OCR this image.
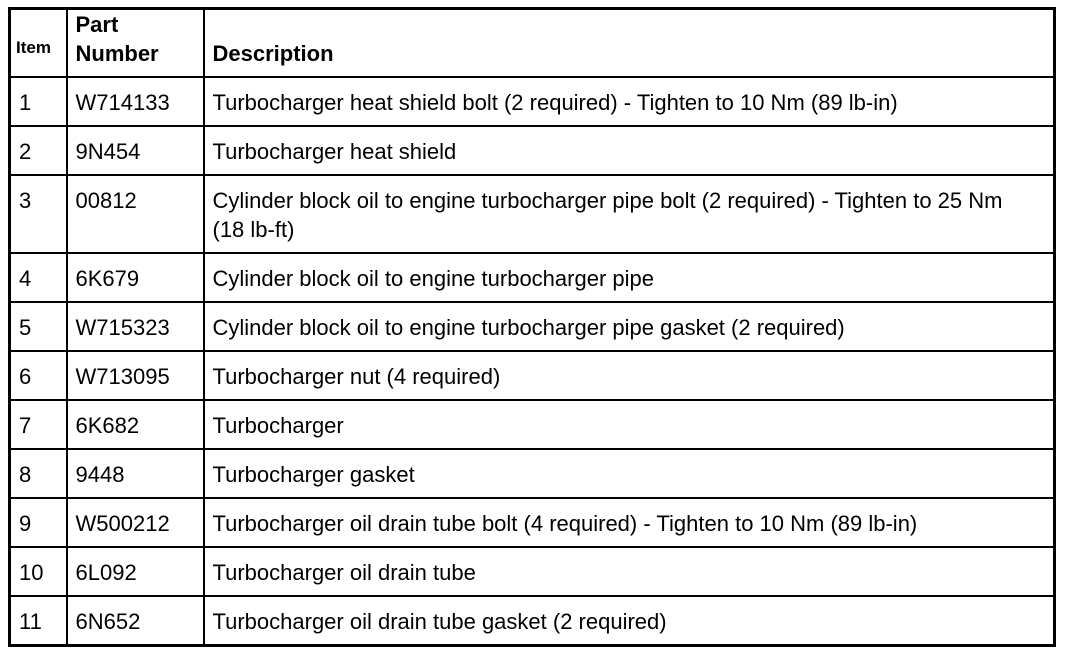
Item	Part Number	Description
1	W714133	Turbocharger heat shield bolt (2 required) - Tighten to 10 Nm (89 lb-in)
2	9N454	Turbocharger heat shield
3	00812	Cylinder block oil to engine turbocharger pipe bolt (2 required) - Tighten to 25 Nm (18 lb-ft)
4	6K679	Cylinder block oil to engine turbocharger pipe
5	W715323	Cylinder block oil to engine turbocharger pipe gasket (2 required)
6	W713095	Turbocharger nut (4 required)
7	6K682	Turbocharger
8	9448	Turbocharger gasket
9	W500212	Turbocharger oil drain tube bolt (4 required) - Tighten to 10 Nm (89 lb-in)
10	6L092	Turbocharger oil drain tube
11	6N652	Turbocharger oil drain tube gasket (2 required)
